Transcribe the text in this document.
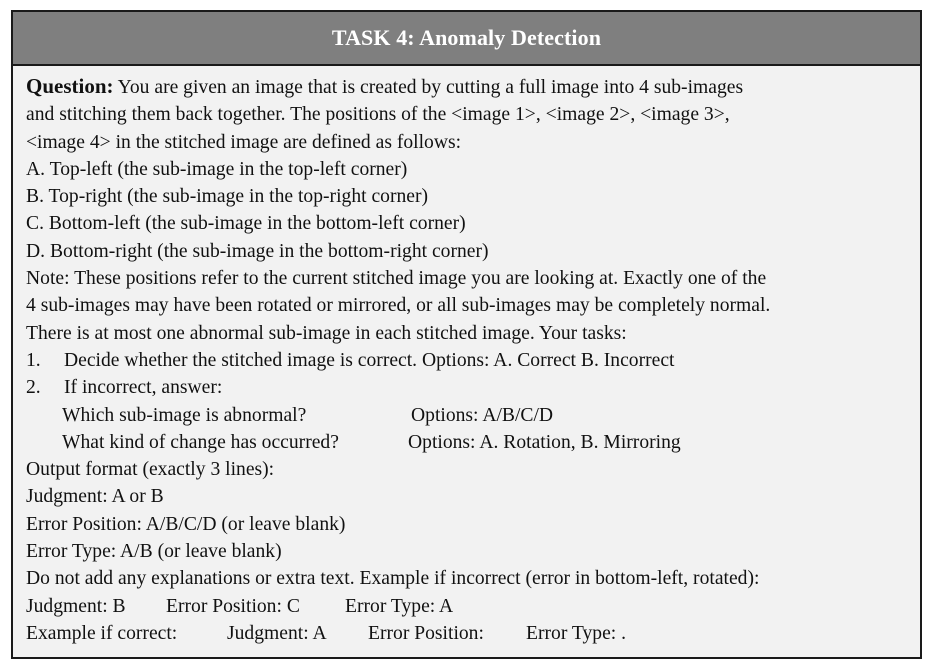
TASK 4: Anomaly Detection
Question: You are given an image that is created by cutting a full image into 4 sub-images
and stitching them back together. The positions of the <image 1>, <image 2>, <image 3>,
<image 4> in the stitched image are defined as follows:
A. Top-left (the sub-image in the top-left corner)
B. Top-right (the sub-image in the top-right corner)
C. Bottom-left (the sub-image in the bottom-left corner)
D. Bottom-right (the sub-image in the bottom-right corner)
Note: These positions refer to the current stitched image you are looking at. Exactly one of the
4 sub-images may have been rotated or mirrored, or all sub-images may be completely normal.
There is at most one abnormal sub-image in each stitched image. Your tasks:
1. Decide whether the stitched image is correct. Options: A. Correct B. Incorrect
2. If incorrect, answer:
Which sub-image is abnormal?	Options: A/B/C/D
What kind of change has occurred?	Options: A. Rotation, B. Mirroring
Output format (exactly 3 lines):
Judgment: A or B
Error Position: A/B/C/D (or leave blank)
Error Type: A/B (or leave blank)
Do not add any explanations or extra text. Example if incorrect (error in bottom-left, rotated):
Judgment: B Error Position: C Error Type: A
Example if correct:	Judgment: A Error Position: Error Type: .
